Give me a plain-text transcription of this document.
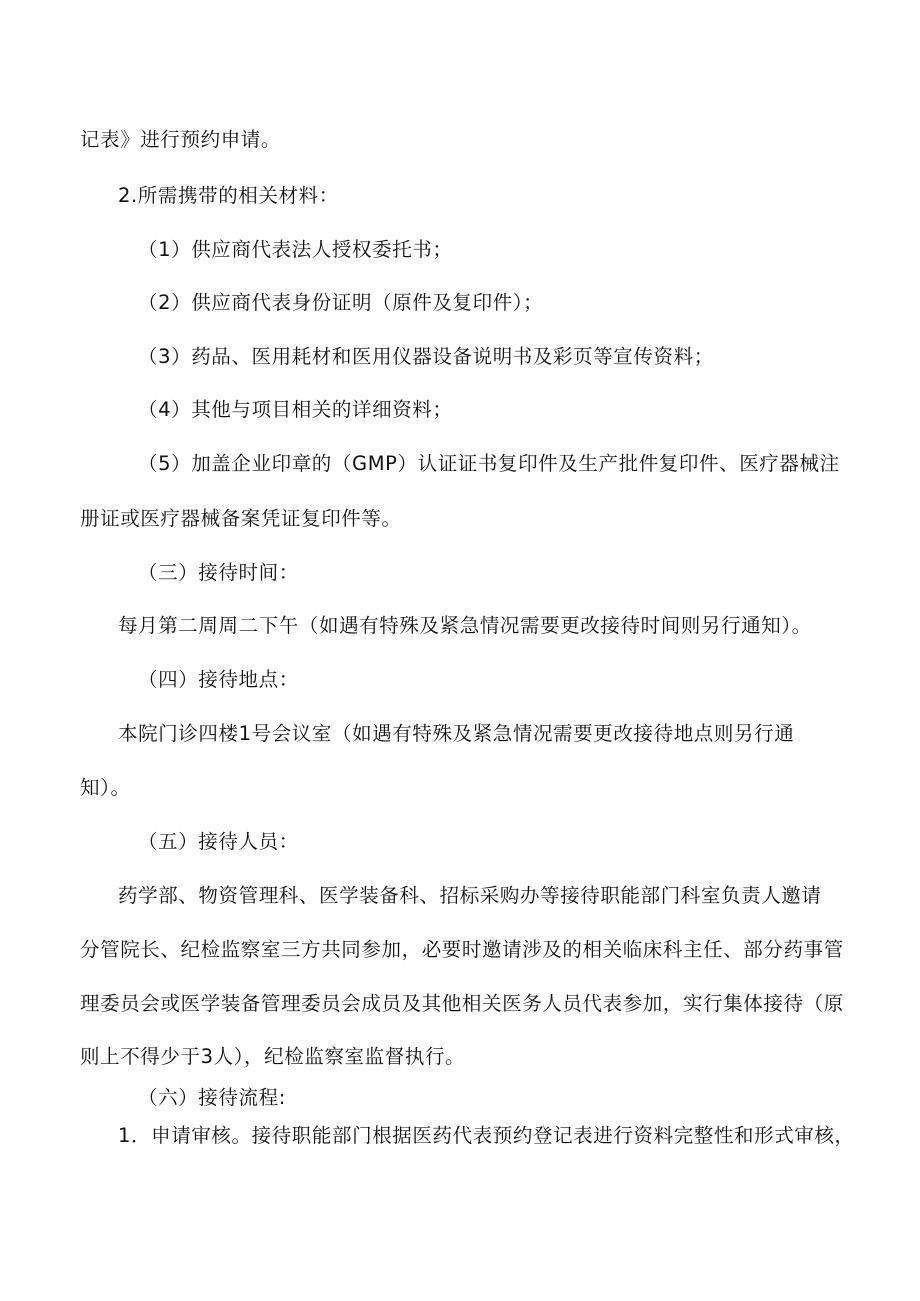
记表》进行预约申请。
2.所需携带的相关材料：
（1）供应商代表法人授权委托书；
（2）供应商代表身份证明（原件及复印件）；
（3）药品、医用耗材和医用仪器设备说明书及彩页等宣传资料；
（4）其他与项目相关的详细资料；
（5）加盖企业印章的（GMP）认证证书复印件及生产批件复印件、医疗器械注
册证或医疗器械备案凭证复印件等。
（三）接待时间：
每月第二周周二下午（如遇有特殊及紧急情况需要更改接待时间则另行通知）。
（四）接待地点：
本院门诊四楼1号会议室（如遇有特殊及紧急情况需要更改接待地点则另行通
知）。
（五）接待人员：
药学部、物资管理科、医学装备科、招标采购办等接待职能部门科室负责人邀请
分管院长、纪检监察室三方共同参加，必要时邀请涉及的相关临床科主任、部分药事管
理委员会或医学装备管理委员会成员及其他相关医务人员代表参加，实行集体接待（原
则上不得少于3人），纪检监察室监督执行。
（六）接待流程:
1．申请审核。接待职能部门根据医药代表预约登记表进行资料完整性和形式审核，
